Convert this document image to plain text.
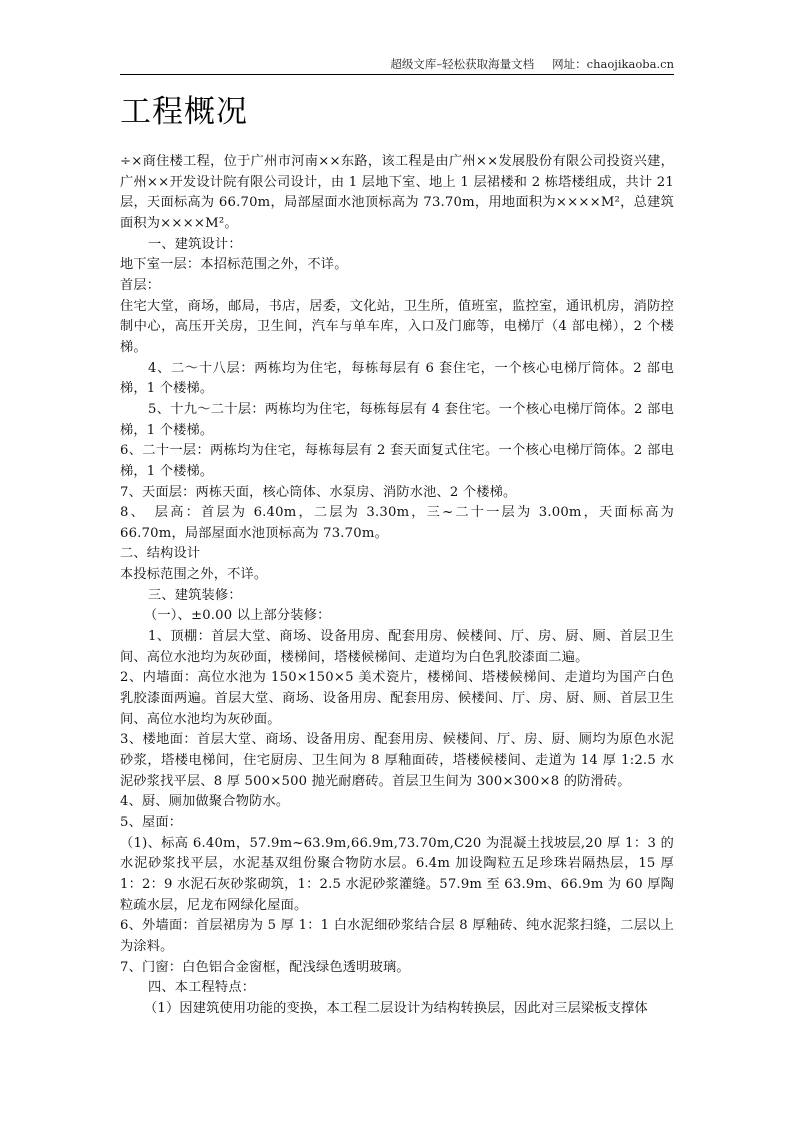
超级文库–轻松获取海量文档 网址：chaojikaoba.cn
工程概况

÷×商住楼工程，位于广州市河南××东路，该工程是由广州××发展股份有限公司投资兴建，广州××开发设计院有限公司设计，由 1 层地下室、地上 1 层裙楼和 2 栋塔楼组成，共计 21 层，天面标高为 66.70m，局部屋面水池顶标高为 73.70m，用地面积为××××M²，总建筑面积为××××M²。

一、建筑设计：

地下室一层：本招标范围之外，不详。

首层：

住宅大堂，商场，邮局，书店，居委，文化站，卫生所，值班室，监控室，通讯机房，消防控制中心，高压开关房，卫生间，汽车与单车库，入口及门廊等，电梯厅（4 部电梯），2 个楼梯。

4、二～十八层：两栋均为住宅，每栋每层有 6 套住宅，一个核心电梯厅筒体。2 部电梯，1 个楼梯。

5、十九～二十层：两栋均为住宅，每栋每层有 4 套住宅。一个核心电梯厅筒体。2 部电梯，1 个楼梯。

6、二十一层：两栋均为住宅，每栋每层有 2 套天面复式住宅。一个核心电梯厅筒体。2 部电梯，1 个楼梯。

7、天面层：两栋天面，核心筒体、水泵房、消防水池、2 个楼梯。

8、　层高：首层为 6.40m，二层为 3.30m，三~二十一层为 3.00m，天面标高为 66.70m，局部屋面水池顶标高为 73.70m。

二、结构设计

本投标范围之外，不详。

三、建筑装修：

（一）、±0.00 以上部分装修：

1、顶棚：首层大堂、商场、设备用房、配套用房、候楼间、厅、房、厨、厕、首层卫生间、高位水池均为灰砂面，楼梯间，塔楼候梯间、走道均为白色乳胶漆面二遍。

2、内墙面：高位水池为 150×150×5 美术瓷片，楼梯间、塔楼候梯间、走道均为国产白色乳胶漆面两遍。首层大堂、商场、设备用房、配套用房、候楼间、厅、房、厨、厕、首层卫生间、高位水池均为灰砂面。

3、楼地面：首层大堂、商场、设备用房、配套用房、候楼间、厅、房、厨、厕均为原色水泥砂浆，塔楼电梯间，住宅厨房、卫生间为 8 厚釉面砖，塔楼候楼间、走道为 14 厚 1:2.5 水泥砂浆找平层、8 厚 500×500 抛光耐磨砖。首层卫生间为 300×300×8 的防滑砖。

4、厨、厕加做聚合物防水。

5、屋面：

（1)、标高 6.40m，57.9m~63.9m,66.9m,73.70m,C20 为混凝土找坡层,20 厚 1：3 的水泥砂浆找平层，水泥基双组份聚合物防水层。6.4m 加设陶粒五足珍珠岩隔热层，15 厚 1：2：9 水泥石灰砂浆砌筑，1：2.5 水泥砂浆灌缝。57.9m 至 63.9m、66.9m 为 60 厚陶粒疏水层，尼龙布网绿化屋面。

6、外墙面：首层裙房为 5 厚 1：1 白水泥细砂浆结合层 8 厚釉砖、纯水泥浆扫缝，二层以上为涂料。

7、门窗：白色铝合金窗框，配浅绿色透明玻璃。

四、本工程特点：

（1）因建筑使用功能的变换，本工程二层设计为结构转换层，因此对三层梁板支撑体
